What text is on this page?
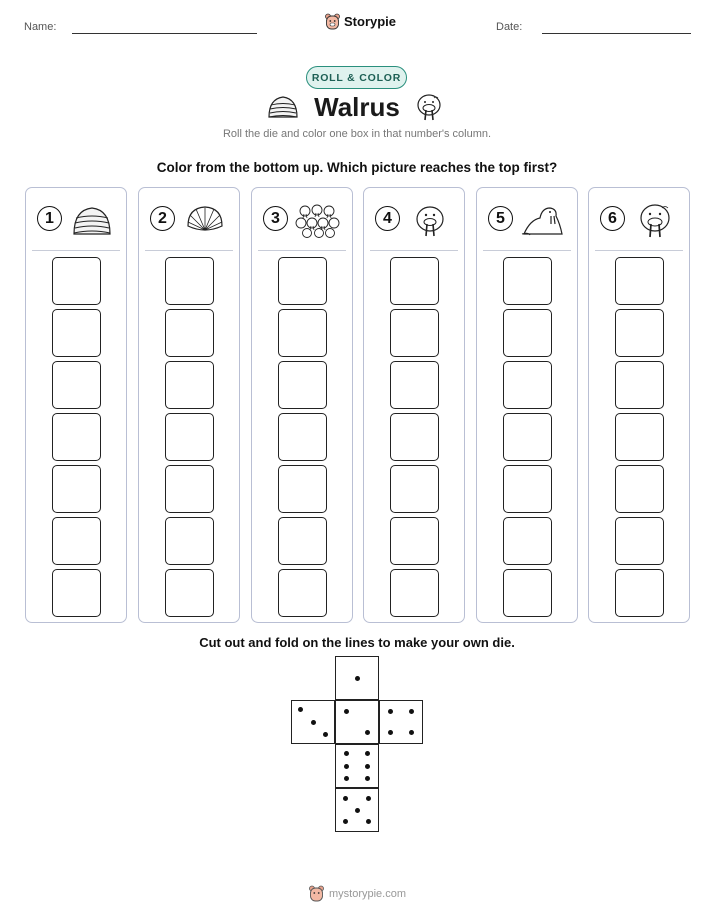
Name:	Storypie	Date:
ROLL & COLOR
Walrus
Roll the die and color one box in that number's column.
Color from the bottom up. Which picture reaches the top first?
1	2	3	4	5	6
Cut out and fold on the lines to make your own die.
mystorypie.com
